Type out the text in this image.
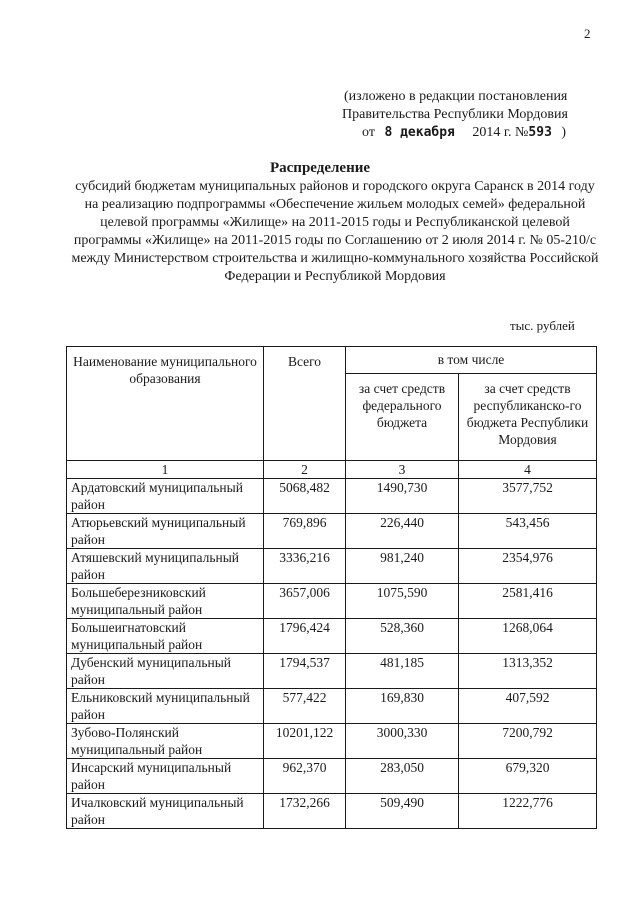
2
(изложено в редакции постановления
Правительства Республики Мордовия
от 8 декабря 2014 г. №593 )
Распределение
субсидий бюджетам муниципальных районов и городского округа Саранск в 2014 году на реализацию подпрограммы «Обеспечение жильем молодых семей» федеральной целевой программы «Жилище» на 2011-2015 годы и Республиканской целевой программы «Жилище» на 2011-2015 годы по Соглашению от 2 июля 2014 г. № 05-210/с между Министерством строительства и жилищно-коммунального хозяйства Российской Федерации и Республикой Мордовия
тыс. рублей
Наименование муниципального образования	Всего	в том числе	
		за счет средств федерального бюджета	за счет средств республиканско-го бюджета Республики Мордовия
1	2	3	4
Ардатовский муниципальный район	5068,482	1490,730	3577,752
Атюрьевский муниципальный район	769,896	226,440	543,456
Атяшевский муниципальный район	3336,216	981,240	2354,976
Большеберезниковский муниципальный район	3657,006	1075,590	2581,416
Большеигнатовский муниципальный район	1796,424	528,360	1268,064
Дубенский муниципальный район	1794,537	481,185	1313,352
Ельниковский муниципальный район	577,422	169,830	407,592
Зубово-Полянский муниципальный район	10201,122	3000,330	7200,792
Инсарский муниципальный район	962,370	283,050	679,320
Ичалковский муниципальный район	1732,266	509,490	1222,776
